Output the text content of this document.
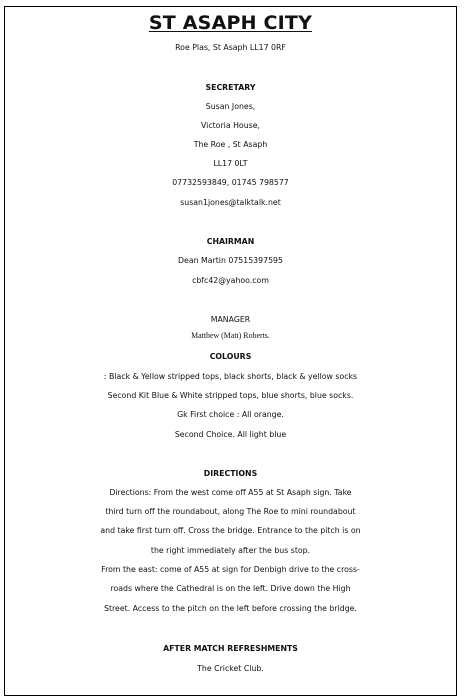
ST ASAPH CITY
Roe Plas, St Asaph LL17 0RF
SECRETARY
Susan Jones,
Victoria House,
The Roe , St Asaph
LL17 0LT
07732593849, 01745 798577
susan1jones@talktalk.net
CHAIRMAN
Dean Martin 07515397595
cbfc42@yahoo.com
MANAGER
Matthew (Matt) Roberts.
COLOURS
: Black & Yellow stripped tops, black shorts, black & yellow socks
Second Kit Blue & White stripped tops, blue shorts, blue socks.
Gk First choice : All orange.
Second Choice. All light blue
DIRECTIONS
Directions: From the west come off A55 at St Asaph sign. Take
third turn off the roundabout, along The Roe to mini roundabout
and take first turn off. Cross the bridge. Entrance to the pitch is on
the right immediately after the bus stop.
From the east: come of A55 at sign for Denbigh drive to the cross-
roads where the Cathedral is on the left. Drive down the High
Street. Access to the pitch on the left before crossing the bridge.
AFTER MATCH REFRESHMENTS
The Cricket Club.
